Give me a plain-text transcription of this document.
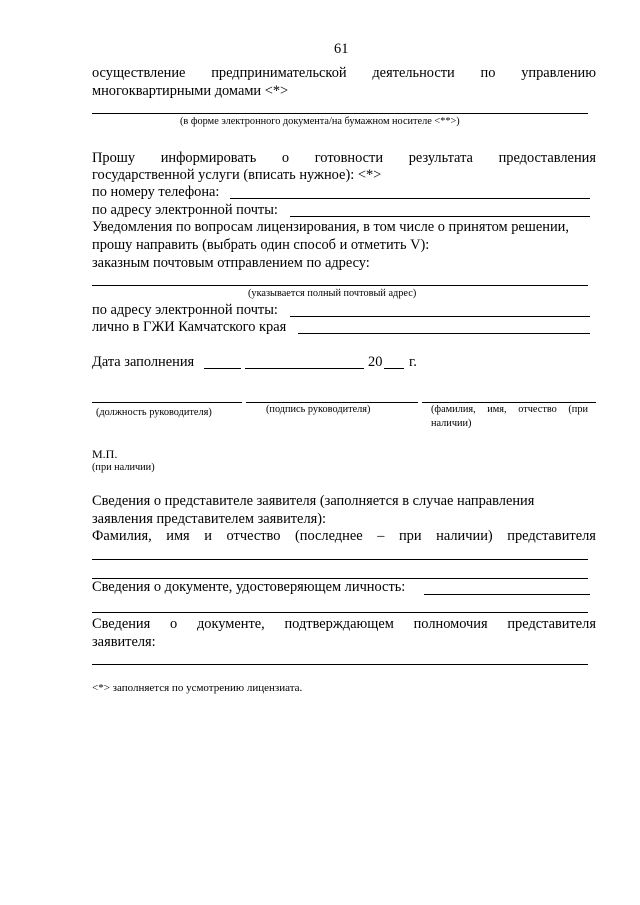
61
осуществление предпринимательской деятельности по управлению
многоквартирными домами <*>
(в форме электронного документа/на бумажном носителе <**>)
Прошу информировать о готовности результата предоставления
государственной услуги (вписать нужное): <*>
по номеру телефона:
по адресу электронной почты:
Уведомления по вопросам лицензирования, в том числе о принятом решении,
прошу направить (выбрать один способ и отметить V):
заказным почтовым отправлением по адресу:
(указывается полный почтовый адрес)
по адресу электронной почты:
лично в ГЖИ Камчатского края
Дата заполнения	20 г.
(должность руководителя)	(подпись руководителя)	(фамилия, имя, отчество (при
наличии)
М.П.
(при наличии)
Сведения о представителе заявителя (заполняется в случае направления
заявления представителем заявителя):
Фамилия, имя и отчество (последнее – при наличии) представителя
Сведения о документе, удостоверяющем личность:
Сведения о документе, подтверждающем полномочия представителя
заявителя:
<*> заполняется по усмотрению лицензиата.
